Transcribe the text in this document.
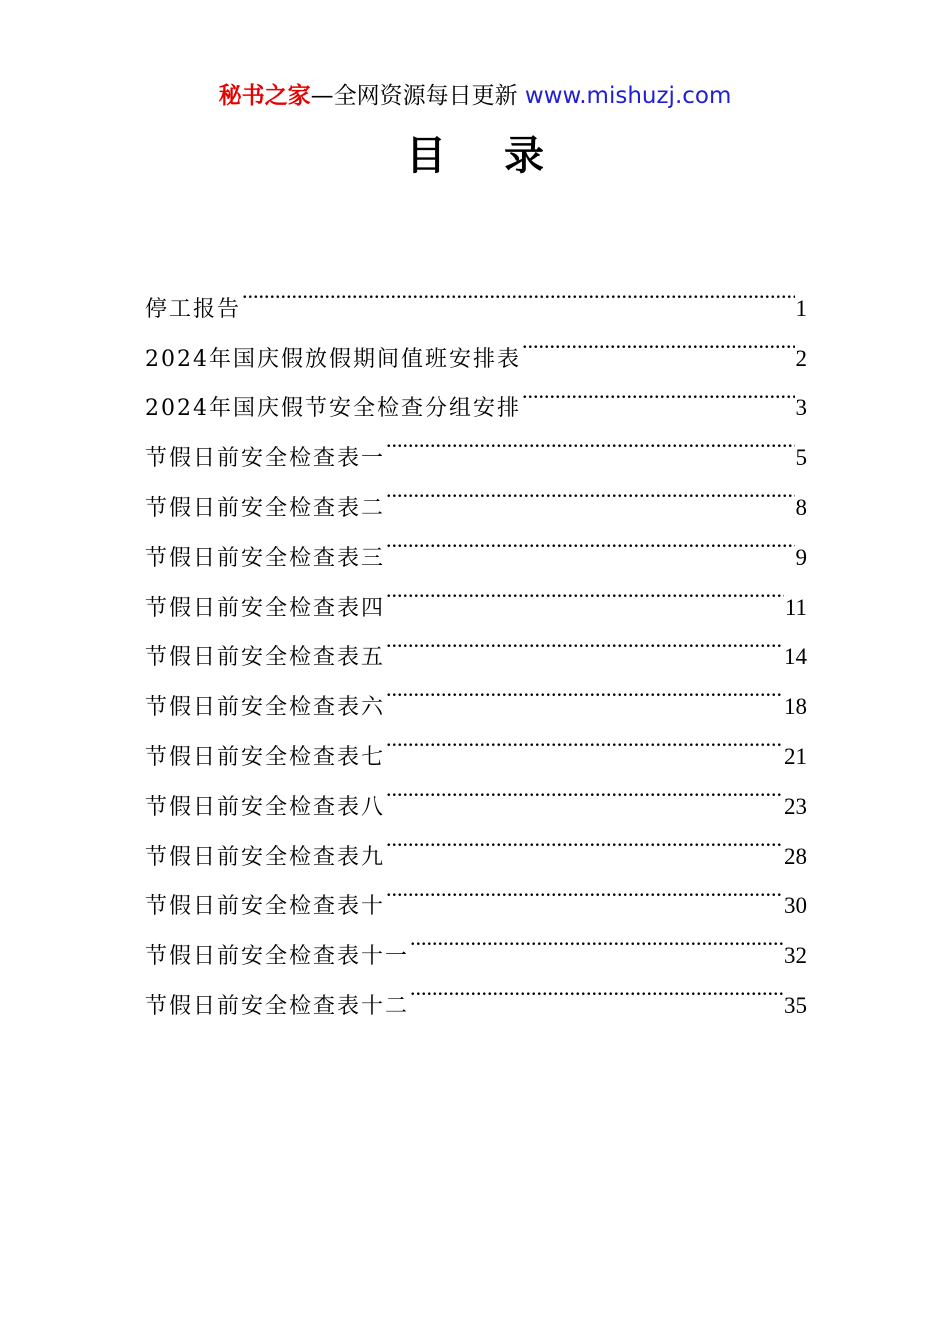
秘书之家—全网资源每日更新 www.mishuzj.com
目 录
停工报告 .....	1
2024年国庆假放假期间值班安排表 .....	2
2024年国庆假节安全检查分组安排 .....	3
节假日前安全检查表一 .....	5
节假日前安全检查表二 .....	8
节假日前安全检查表三 .....	9
节假日前安全检查表四 .....	11
节假日前安全检查表五 .....	14
节假日前安全检查表六 .....	18
节假日前安全检查表七 .....	21
节假日前安全检查表八 .....	23
节假日前安全检查表九 .....	28
节假日前安全检查表十 .....	30
节假日前安全检查表十一 .....	32
节假日前安全检查表十二 .....	35
